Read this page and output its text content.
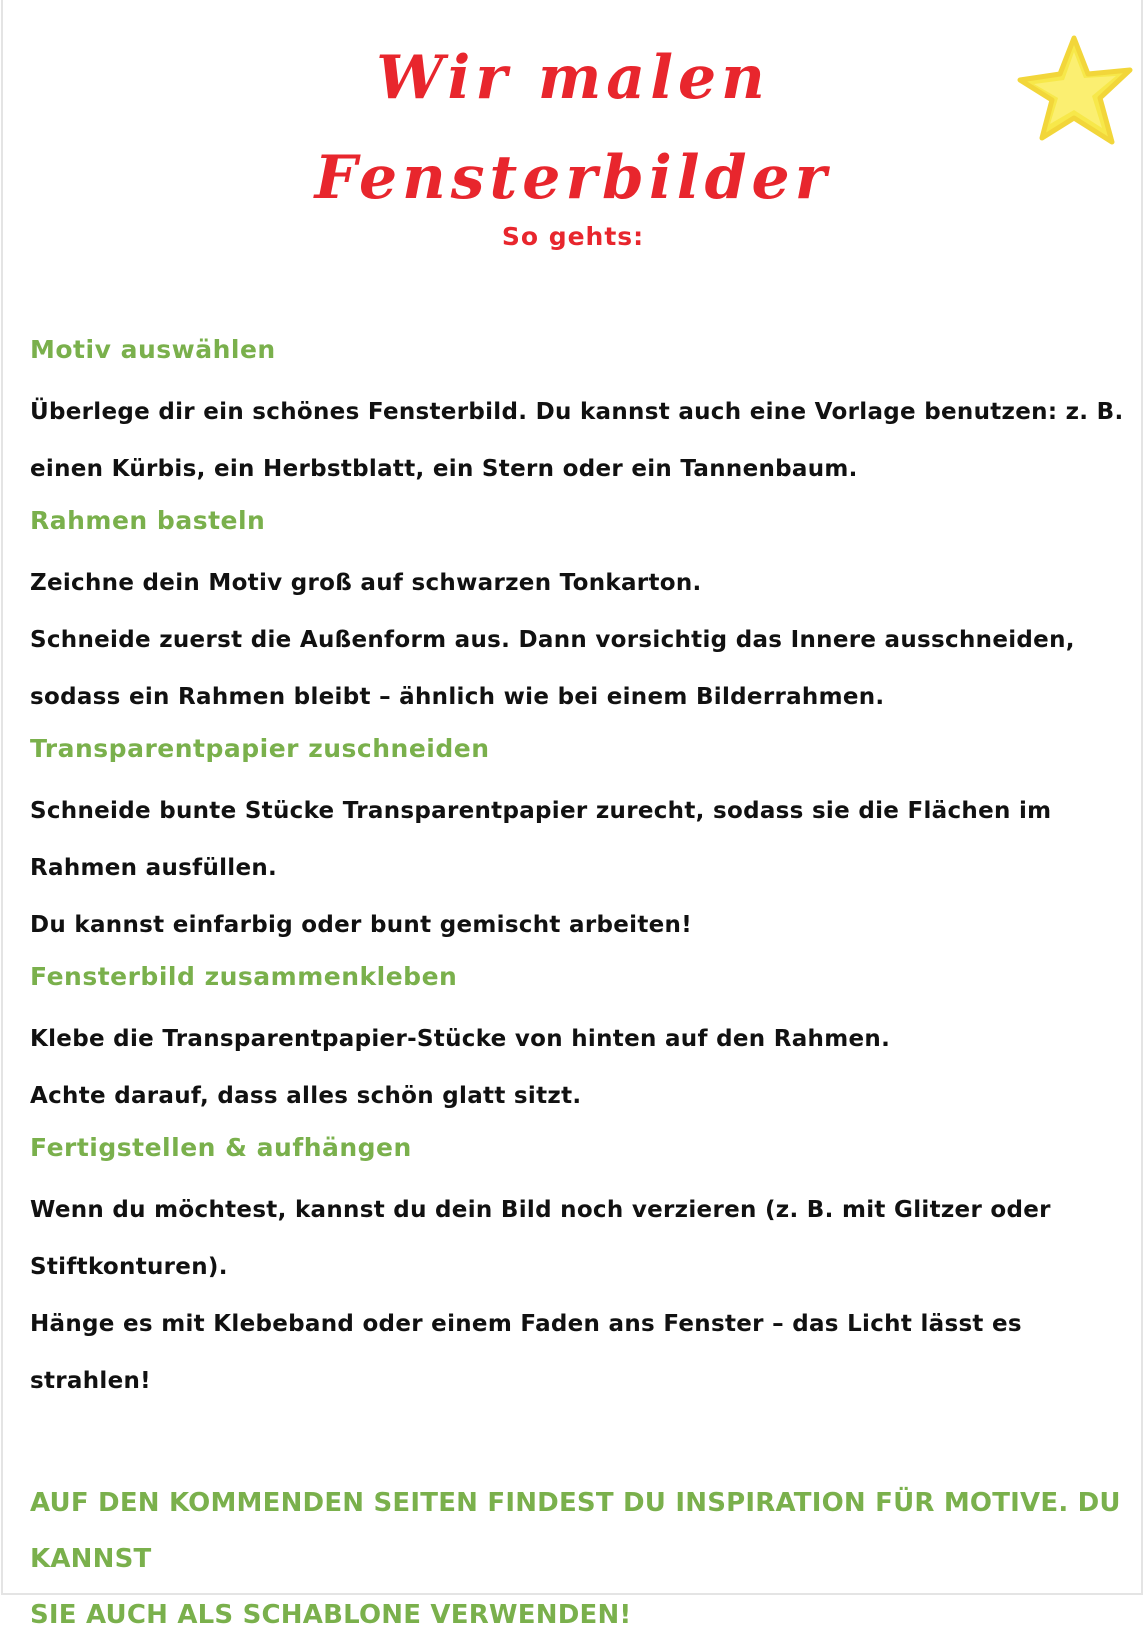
Wir malen
Fensterbilder
So gehts:
Motiv auswählen
Überlege dir ein schönes Fensterbild. Du kannst auch eine Vorlage benutzen: z. B.
einen Kürbis, ein Herbstblatt, ein Stern oder ein Tannenbaum.
Rahmen basteln
Zeichne dein Motiv groß auf schwarzen Tonkarton.
Schneide zuerst die Außenform aus. Dann vorsichtig das Innere ausschneiden,
sodass ein Rahmen bleibt – ähnlich wie bei einem Bilderrahmen.
Transparentpapier zuschneiden
Schneide bunte Stücke Transparentpapier zurecht, sodass sie die Flächen im
Rahmen ausfüllen.
Du kannst einfarbig oder bunt gemischt arbeiten!
Fensterbild zusammenkleben
Klebe die Transparentpapier-Stücke von hinten auf den Rahmen.
Achte darauf, dass alles schön glatt sitzt.
Fertigstellen & aufhängen
Wenn du möchtest, kannst du dein Bild noch verzieren (z. B. mit Glitzer oder
Stiftkonturen).
Hänge es mit Klebeband oder einem Faden ans Fenster – das Licht lässt es
strahlen!
AUF DEN KOMMENDEN SEITEN FINDEST DU INSPIRATION FÜR MOTIVE. DU KANNST
SIE AUCH ALS SCHABLONE VERWENDEN!
